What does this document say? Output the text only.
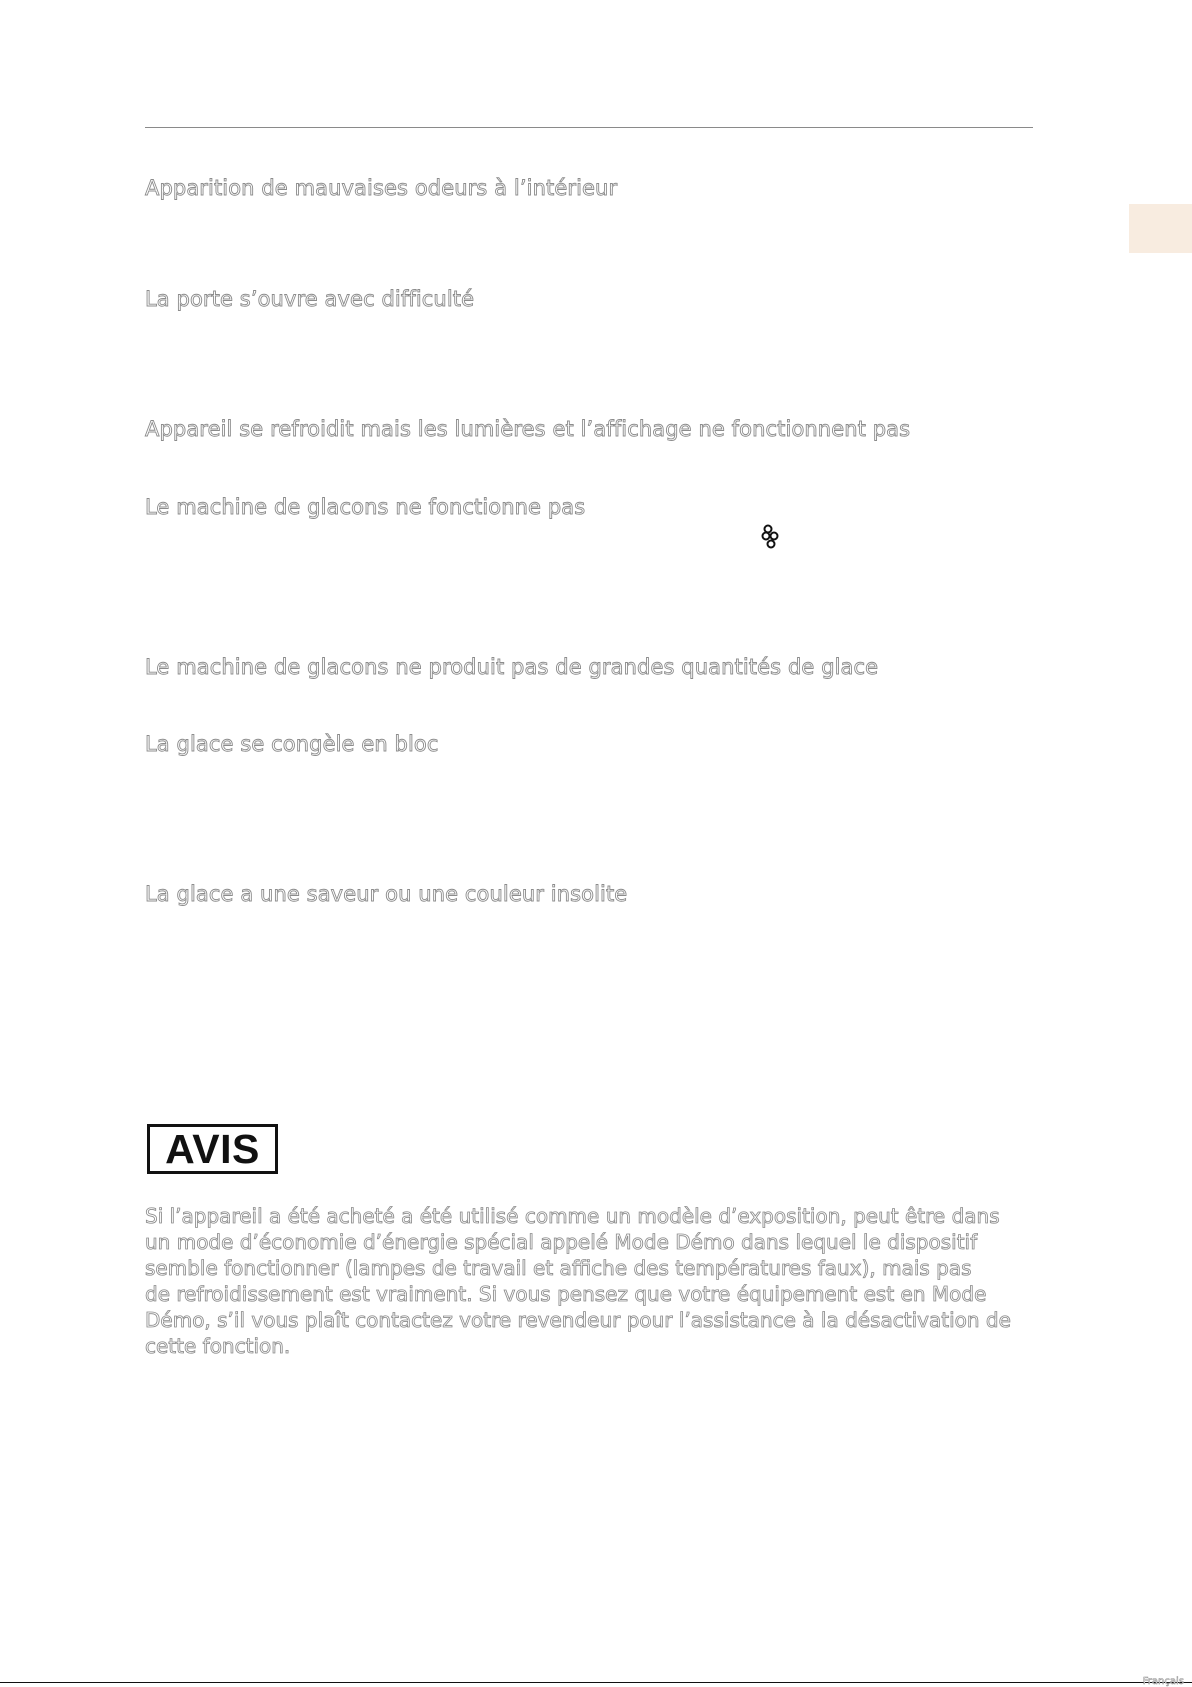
Apparition de mauvaises odeurs à l’intérieur
La porte s’ouvre avec difficulté
Appareil se refroidit mais les lumières et l’affichage ne fonctionnent pas
Le machine de glacons ne fonctionne pas
Le machine de glacons ne produit pas de grandes quantités de glace
La glace se congèle en bloc
La glace a une saveur ou une couleur insolite
AVIS

Si l’appareil a été acheté a été utilisé comme un modèle d’exposition, peut être dans
un mode d’économie d’énergie spécial appelé Mode Démo dans lequel le dispositif
semble fonctionner (lampes de travail et affiche des températures faux), mais pas
de refroidissement est vraiment. Si vous pensez que votre équipement est en Mode
Démo, s’il vous plaît contactez votre revendeur pour l’assistance à la désactivation de
cette fonction.

Français
